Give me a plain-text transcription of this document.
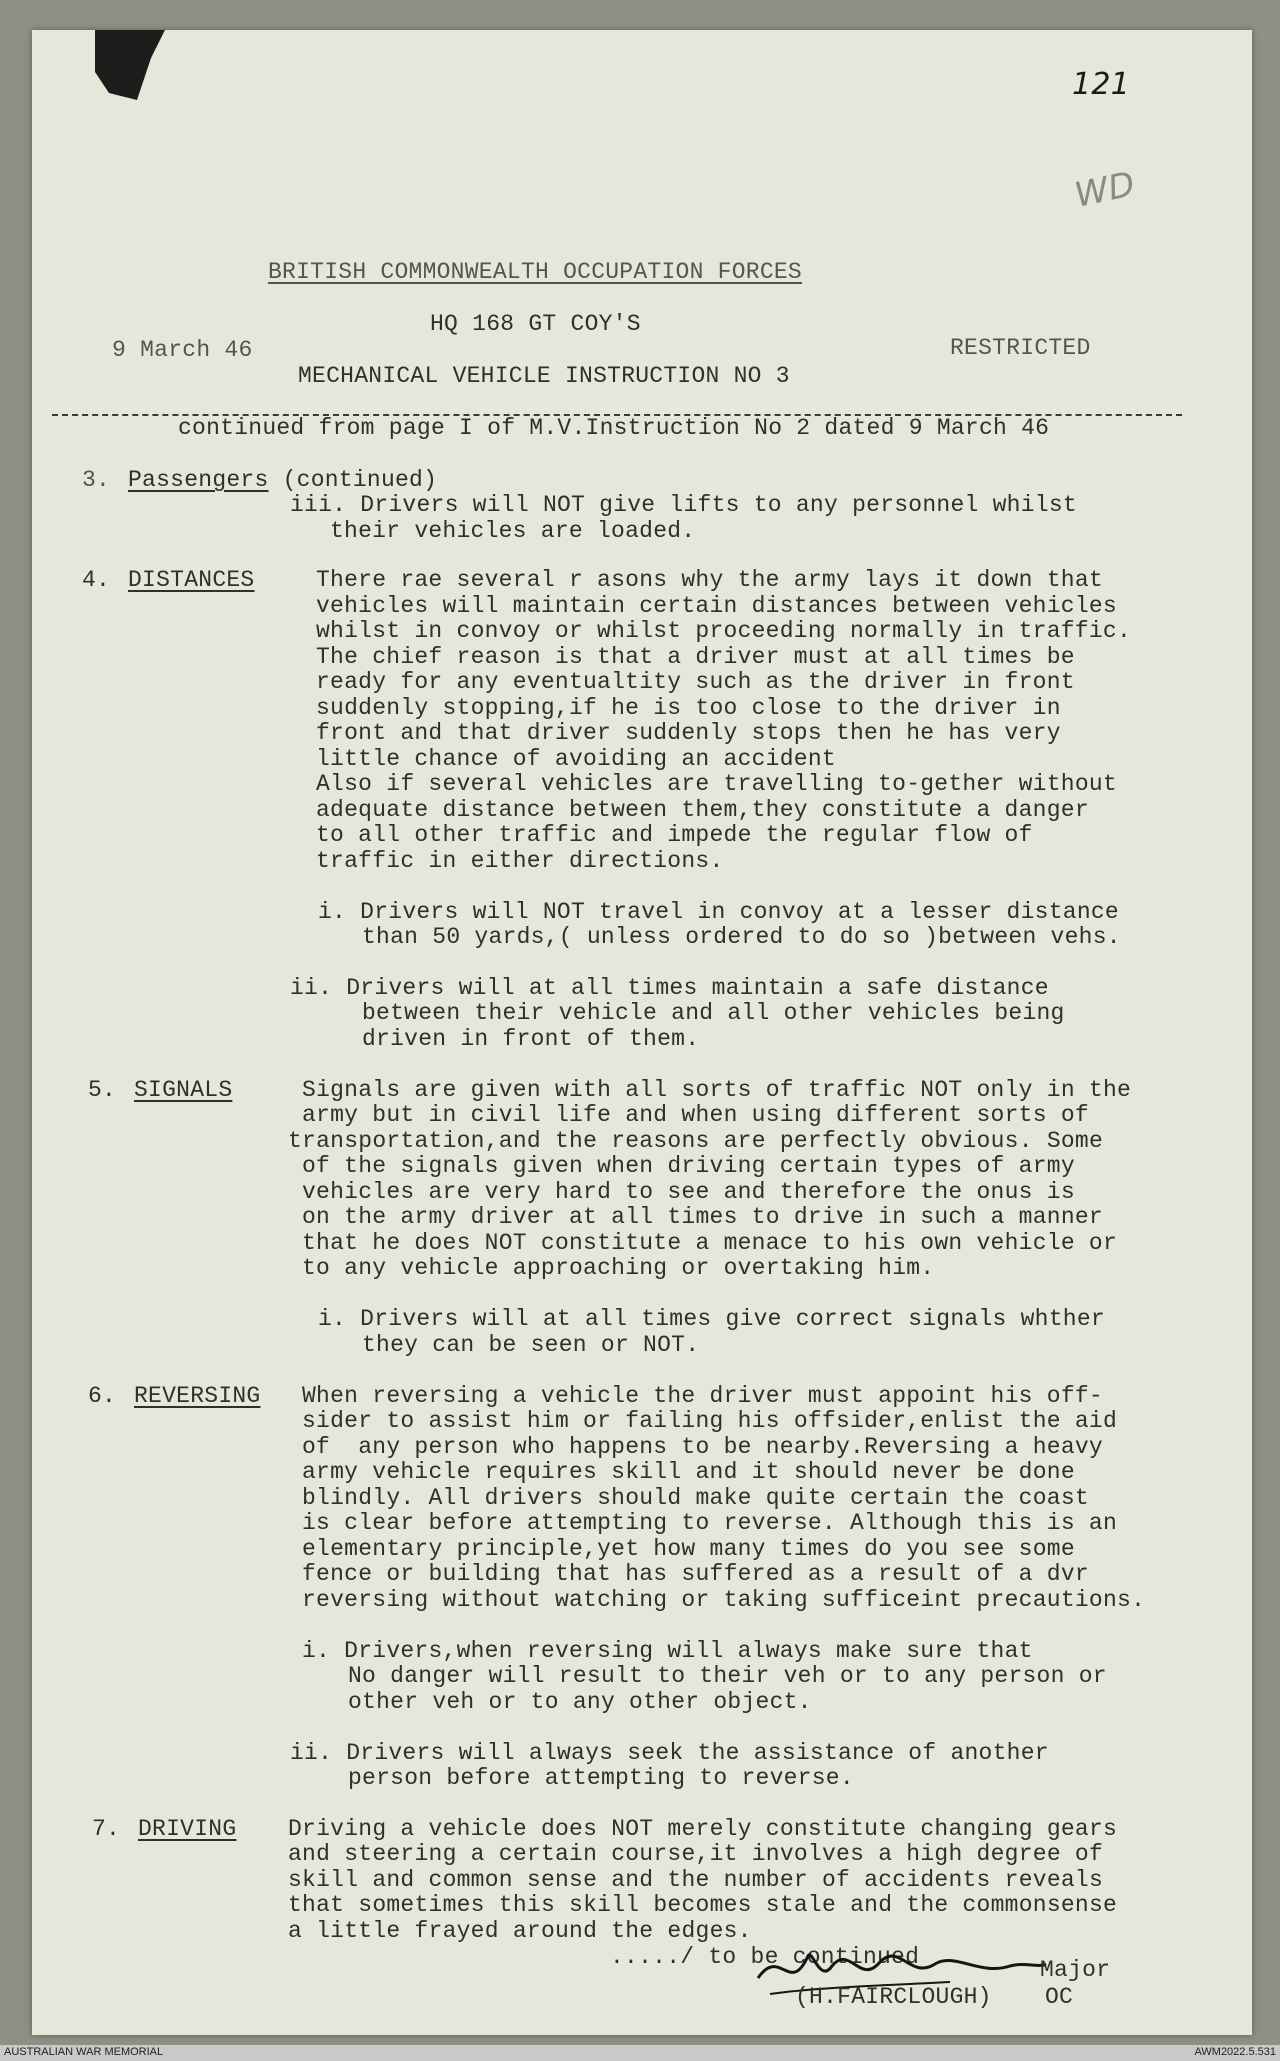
121
WD
BRITISH COMMONWEALTH OCCUPATION FORCES
HQ 168 GT COY'S
9 March 46	RESTRICTED
MECHANICAL VEHICLE INSTRUCTION NO 3
continued from page I of M.V.Instruction No 2 dated 9 March 46
3. Passengers (continued)
iii. Drivers will NOT give lifts to any personnel whilst
their vehicles are loaded.
4. DISTANCES	There rae several r asons why the army lays it down that
vehicles will maintain certain distances between vehicles
whilst in convoy or whilst proceeding normally in traffic.
The chief reason is that a driver must at all times be
ready for any eventualtity such as the driver in front
suddenly stopping,if he is too close to the driver in
front and that driver suddenly stops then he has very
little chance of avoiding an accident
Also if several vehicles are travelling to-gether without
adequate distance between them,they constitute a danger
to all other traffic and impede the regular flow of
traffic in either directions.
i. Drivers will NOT travel in convoy at a lesser distance
than 50 yards,( unless ordered to do so )between vehs.
ii. Drivers will at all times maintain a safe distance
between their vehicle and all other vehicles being
driven in front of them.
5. SIGNALS	Signals are given with all sorts of traffic NOT only in the
army but in civil life and when using different sorts of
transportation,and the reasons are perfectly obvious. Some
of the signals given when driving certain types of army
vehicles are very hard to see and therefore the onus is
on the army driver at all times to drive in such a manner
that he does NOT constitute a menace to his own vehicle or
to any vehicle approaching or overtaking him.
i. Drivers will at all times give correct signals whther
they can be seen or NOT.
6. REVERSING When reversing a vehicle the driver must appoint his off-
sider to assist him or failing his offsider,enlist the aid
of  any person who happens to be nearby.Reversing a heavy
army vehicle requires skill and it should never be done
blindly. All drivers should make quite certain the coast
is clear before attempting to reverse. Although this is an
elementary principle,yet how many times do you see some
fence or building that has suffered as a result of a dvr
reversing without watching or taking sufficeint precautions.
i. Drivers,when reversing will always make sure that
No danger will result to their veh or to any person or
other veh or to any other object.
ii. Drivers will always seek the assistance of another
person before attempting to reverse.
7. DRIVING Driving a vehicle does NOT merely constitute changing gears
and steering a certain course,it involves a high degree of
skill and common sense and the number of accidents reveals
that sometimes this skill becomes stale and the commonsense
a little frayed around the edges.
...../ to be continued	Major
(H.FAIRCLOUGH) OC
AUSTRALIAN WAR MEMORIAL	AWM2022.5.531
